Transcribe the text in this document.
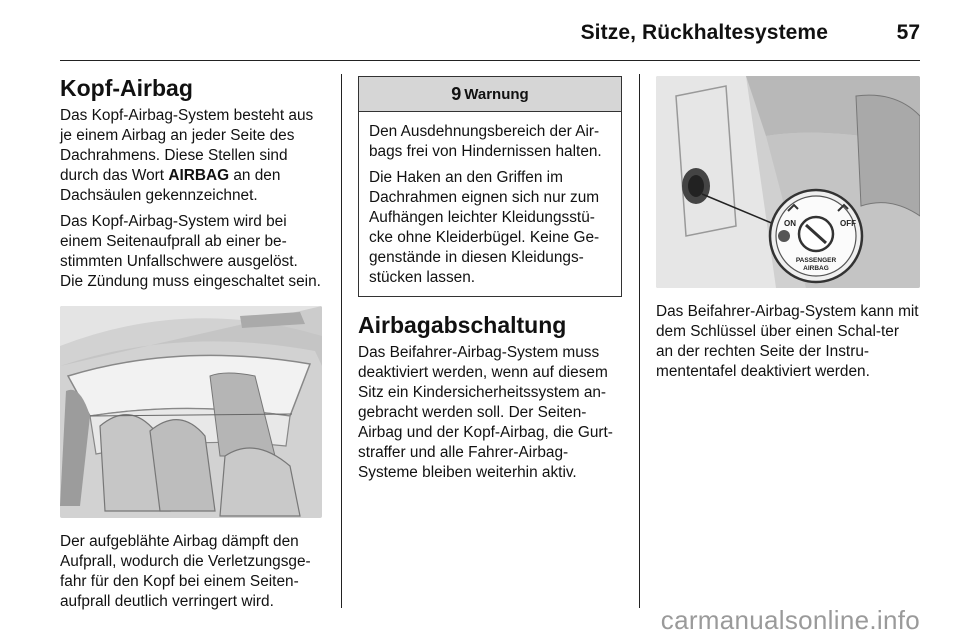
Sitze, Rückhaltesysteme	57
Kopf-Airbag

Das Kopf-Airbag-System besteht aus je einem Airbag an jeder Seite des Dachrahmens. Diese Stellen sind durch das Wort AIRBAG an den Dachsäulen gekennzeichnet.

Das Kopf-Airbag-System wird bei einem Seitenaufprall ab einer be-stimmten Unfallschwere ausgelöst. Die Zündung muss eingeschaltet sein.

Der aufgeblähte Airbag dämpft den Aufprall, wodurch die Verletzungsge-fahr für den Kopf bei einem Seiten-aufprall deutlich verringert wird.

9 Warnung

Den Ausdehnungsbereich der Air-bags frei von Hindernissen halten.

Die Haken an den Griffen im Dachrahmen eignen sich nur zum Aufhängen leichter Kleidungsstü-cke ohne Kleiderbügel. Keine Ge-genstände in diesen Kleidungs-stücken lassen.

Airbagabschaltung

Das Beifahrer-Airbag-System muss deaktiviert werden, wenn auf diesem Sitz ein Kindersicherheitssystem an-gebracht werden soll. Der Seiten-Airbag und der Kopf-Airbag, die Gurt-straffer und alle Fahrer-Airbag-Systeme bleiben weiterhin aktiv.

ON	OFF
PASSENGER
AIRBAG

Das Beifahrer-Airbag-System kann mit dem Schlüssel über einen Schal-ter an der rechten Seite der Instru-mententafel deaktiviert werden.

carmanualsonline.info
